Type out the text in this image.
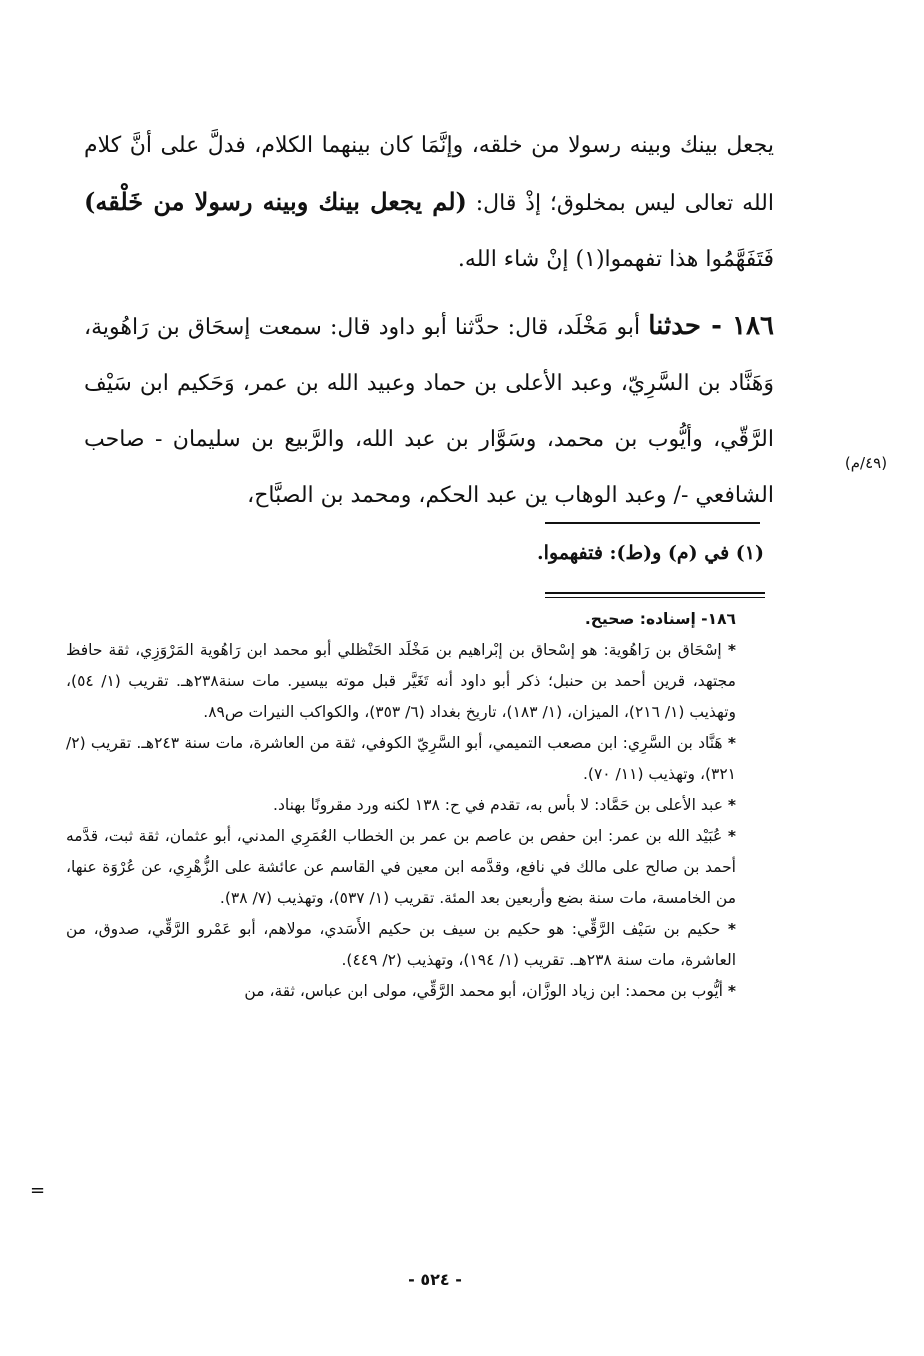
يجعل بينك وبينه رسولا من خلقه، وإنَّمَا كان بينهما الكلام، فدلَّ على أنَّ كلام الله تعالى ليس بمخلوق؛ إذْ قال: (لم يجعل بينك وبينه رسولا من خَلْقه) فَتَفَهَّمُوا هذا تفهموا(١) إنْ شاء الله.

١٨٦ - حدثنا أبو مَخْلَد، قال: حدَّثنا أبو داود قال: سمعت إسحَاق بن رَاهُوية، وَهَنَّاد بن السَّرِيّ، وعبد الأعلى بن حماد وعبيد الله بن عمر، وَحَكيم ابن سَيْف الرَّقّي، وأيُّوب بن محمد، وسَوَّار بن عبد الله، والرَّبيع بن سليمان - صاحب الشافعي -/ وعبد الوهاب ين عبد الحكم، ومحمد بن الصبَّاح،

(٤٩/م)
(١) في (م) و(ط): فتفهموا.

١٨٦- إسناده: صحيح.

* إسْحَاق بن رَاهُوية: هو إسْحاق بن إبْراهيم بن مَخْلَد الحَنْظلي أبو محمد ابن رَاهُوية المَرْوَزِي، ثقة حافظ مجتهد، قرين أحمد بن حنبل؛ ذكر أبو داود أنه تَغَيَّر قبل موته بيسير. مات سنة٢٣٨هـ. تقريب (١/ ٥٤)، وتهذيب (١/ ٢١٦)، الميزان، (١/ ١٨٣)، تاريخ بغداد (٦/ ٣٥٣)، والكواكب النيرات ص٨٩.

* هَنَّاد بن السَّرِي: ابن مصعب التميمي، أبو السَّرِيّ الكوفي، ثقة من العاشرة، مات سنة ٢٤٣هـ. تقريب (٢/ ٣٢١)، وتهذيب (١١/ ٧٠).

* عبد الأعلى بن حَمَّاد: لا بأس به، تقدم في ح: ١٣٨ لكنه ورد مقرونًا بهناد.

* عُبَيْد الله بن عمر: ابن حفص بن عاصم بن عمر بن الخطاب العُمَرِي المدني، أبو عثمان، ثقة ثبت، قدَّمه أحمد بن صالح على مالك في نافع، وقدَّمه ابن معين في القاسم عن عائشة على الزُّهْرِي، عن عُرْوَة عنها، من الخامسة، مات سنة بضع وأربعين بعد المئة. تقريب (١/ ٥٣٧)، وتهذيب (٧/ ٣٨).

* حكيم بن سَيْف الرَّقِّي: هو حكيم بن سيف بن حكيم الأَسَدي، مولاهم، أبو عَمْرو الرَّقِّي، صدوق، من العاشرة، مات سنة ٢٣٨هـ. تقريب (١/ ١٩٤)، وتهذيب (٢/ ٤٤٩).

* أيُّوب بن محمد: ابن زياد الوزَّان، أبو محمد الرَّقِّي، مولى ابن عباس، ثقة، من

=
- ٥٢٤ -
